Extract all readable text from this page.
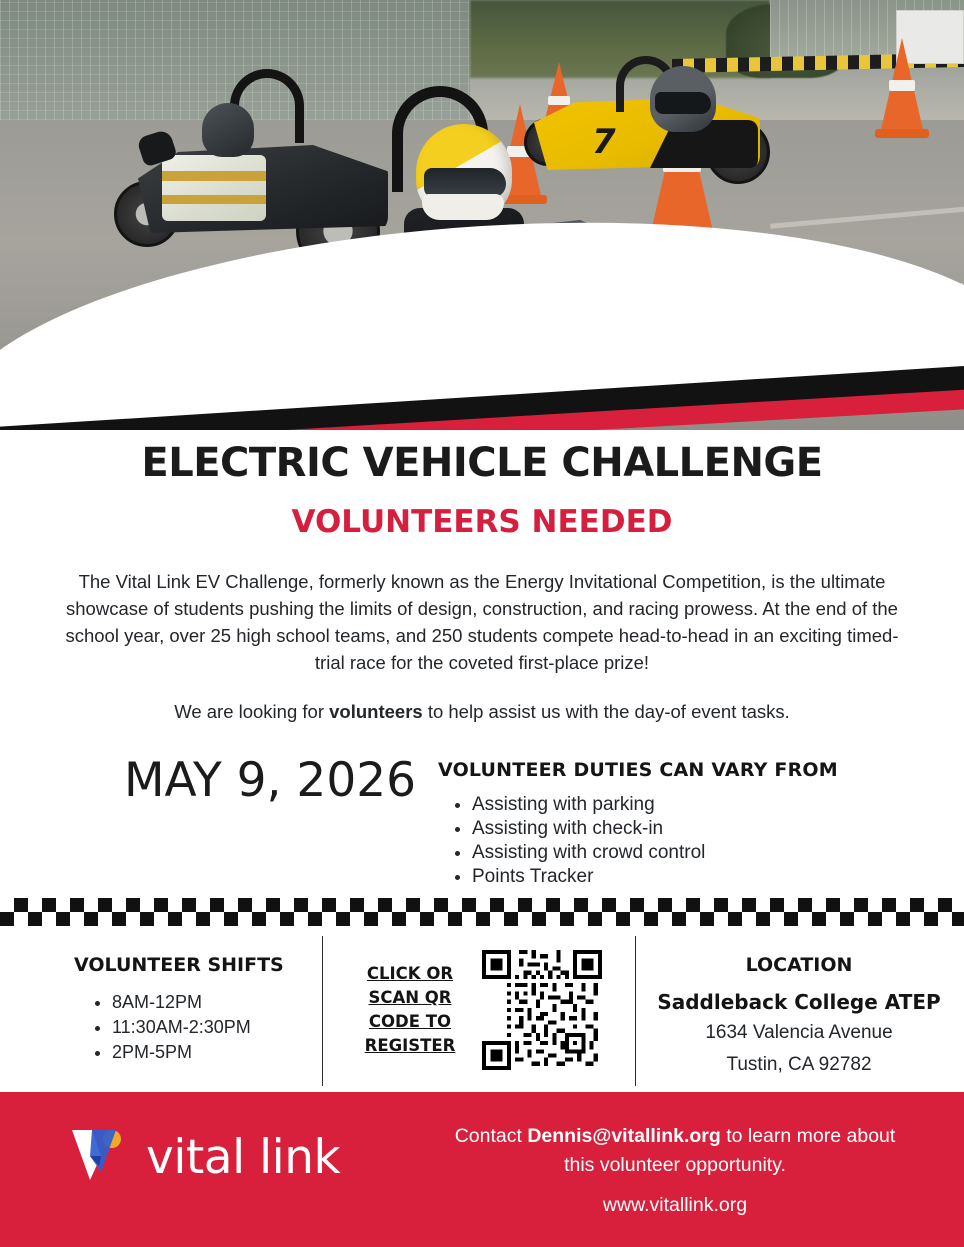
7
ELECTRIC VEHICLE CHALLENGE
VOLUNTEERS NEEDED

The Vital Link EV Challenge, formerly known as the Energy Invitational Competition, is the ultimate showcase of students pushing the limits of design, construction, and racing prowess. At the end of the school year, over 25 high school teams, and 250 students compete head-to-head in an exciting timed-trial race for the coveted first-place prize!

We are looking for volunteers to help assist us with the day-of event tasks.

MAY 9, 2026 VOLUNTEER DUTIES CAN VARY FROM
• Assisting with parking
• Assisting with check-in
• Assisting with crowd control
• Points Tracker
VOLUNTEER SHIFTS
• 8AM-12PM
• 11:30AM-2:30PM
• 2PM-5PM
CLICK OR SCAN QR CODE TO REGISTER
LOCATION
Saddleback College ATEP
1634 Valencia Avenue
Tustin, CA 92782
vital link	Contact Dennis@vitallink.org to learn more about this volunteer opportunity.
www.vitallink.org
